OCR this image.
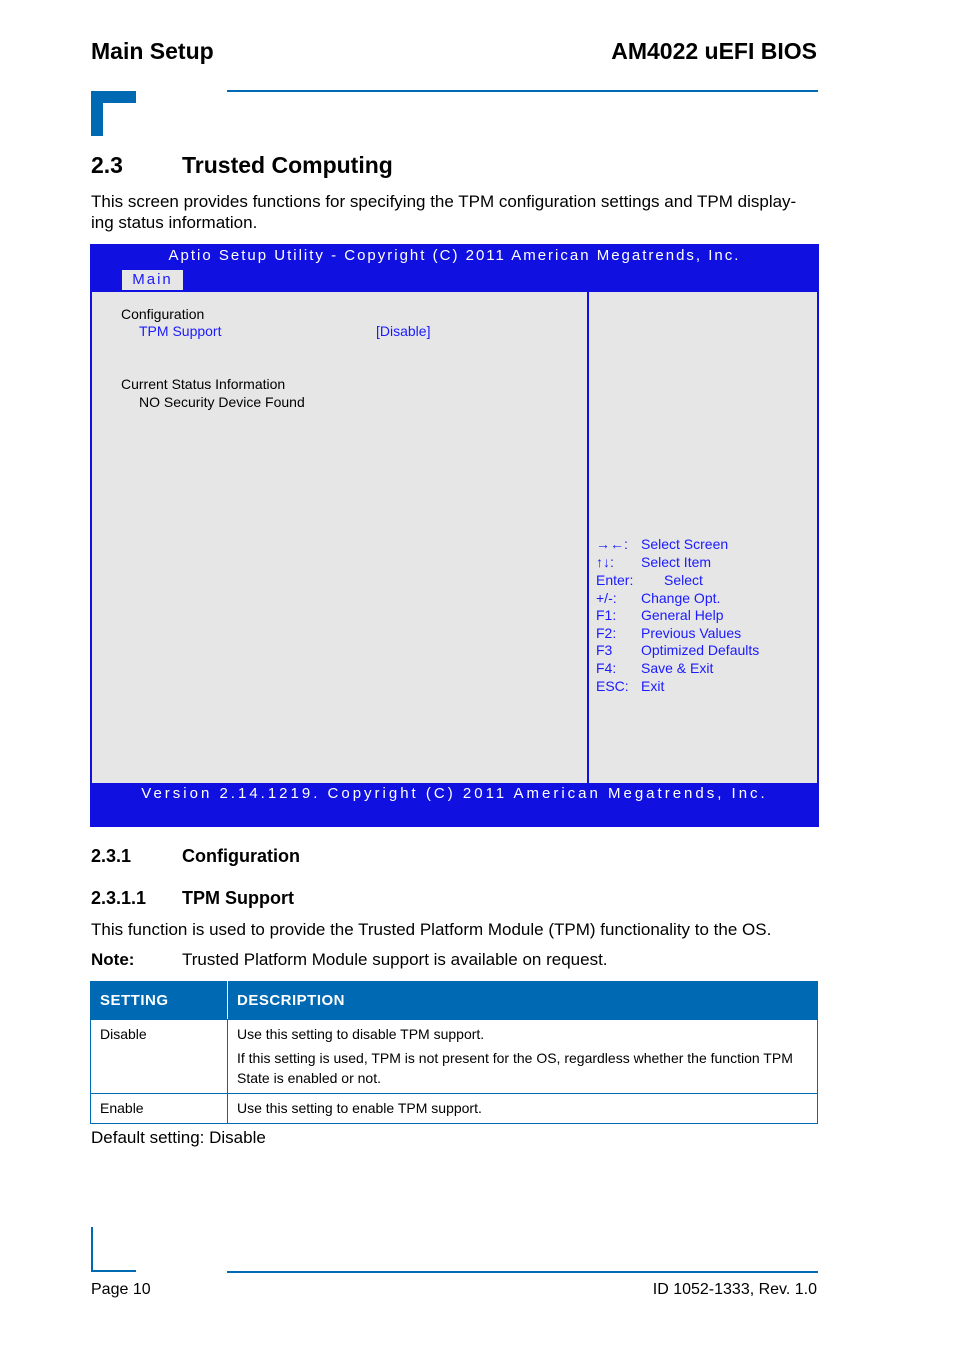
Main Setup	AM4022 uEFI BIOS
2.3	Trusted Computing
This screen provides functions for specifying the TPM configuration settings and TPM display-
ing status information.
Aptio Setup Utility - Copyright (C) 2011 American Megatrends, Inc.
Main
Configuration
TPM Support	[Disable]
Current Status Information
NO Security Device Found
→←: Select Screen
↑↓: Select Item
Enter: Select
+/-: Change Opt.
F1: General Help
F2: Previous Values
F3 Optimized Defaults
F4: Save & Exit
ESC: Exit
Version 2.14.1219. Copyright (C) 2011 American Megatrends, Inc.
2.3.1	Configuration
2.3.1.1 TPM Support
This function is used to provide the Trusted Platform Module (TPM) functionality to the OS.
Note:	Trusted Platform Module support is available on request.
SETTING	DESCRIPTION
Disable	Use this setting to disable TPM support.
If this setting is used, TPM is not present for the OS, regardless whether the function TPM State is enabled or not.

Enable	Use this setting to enable TPM support.
Default setting: Disable
Page 10	ID 1052-1333, Rev. 1.0
